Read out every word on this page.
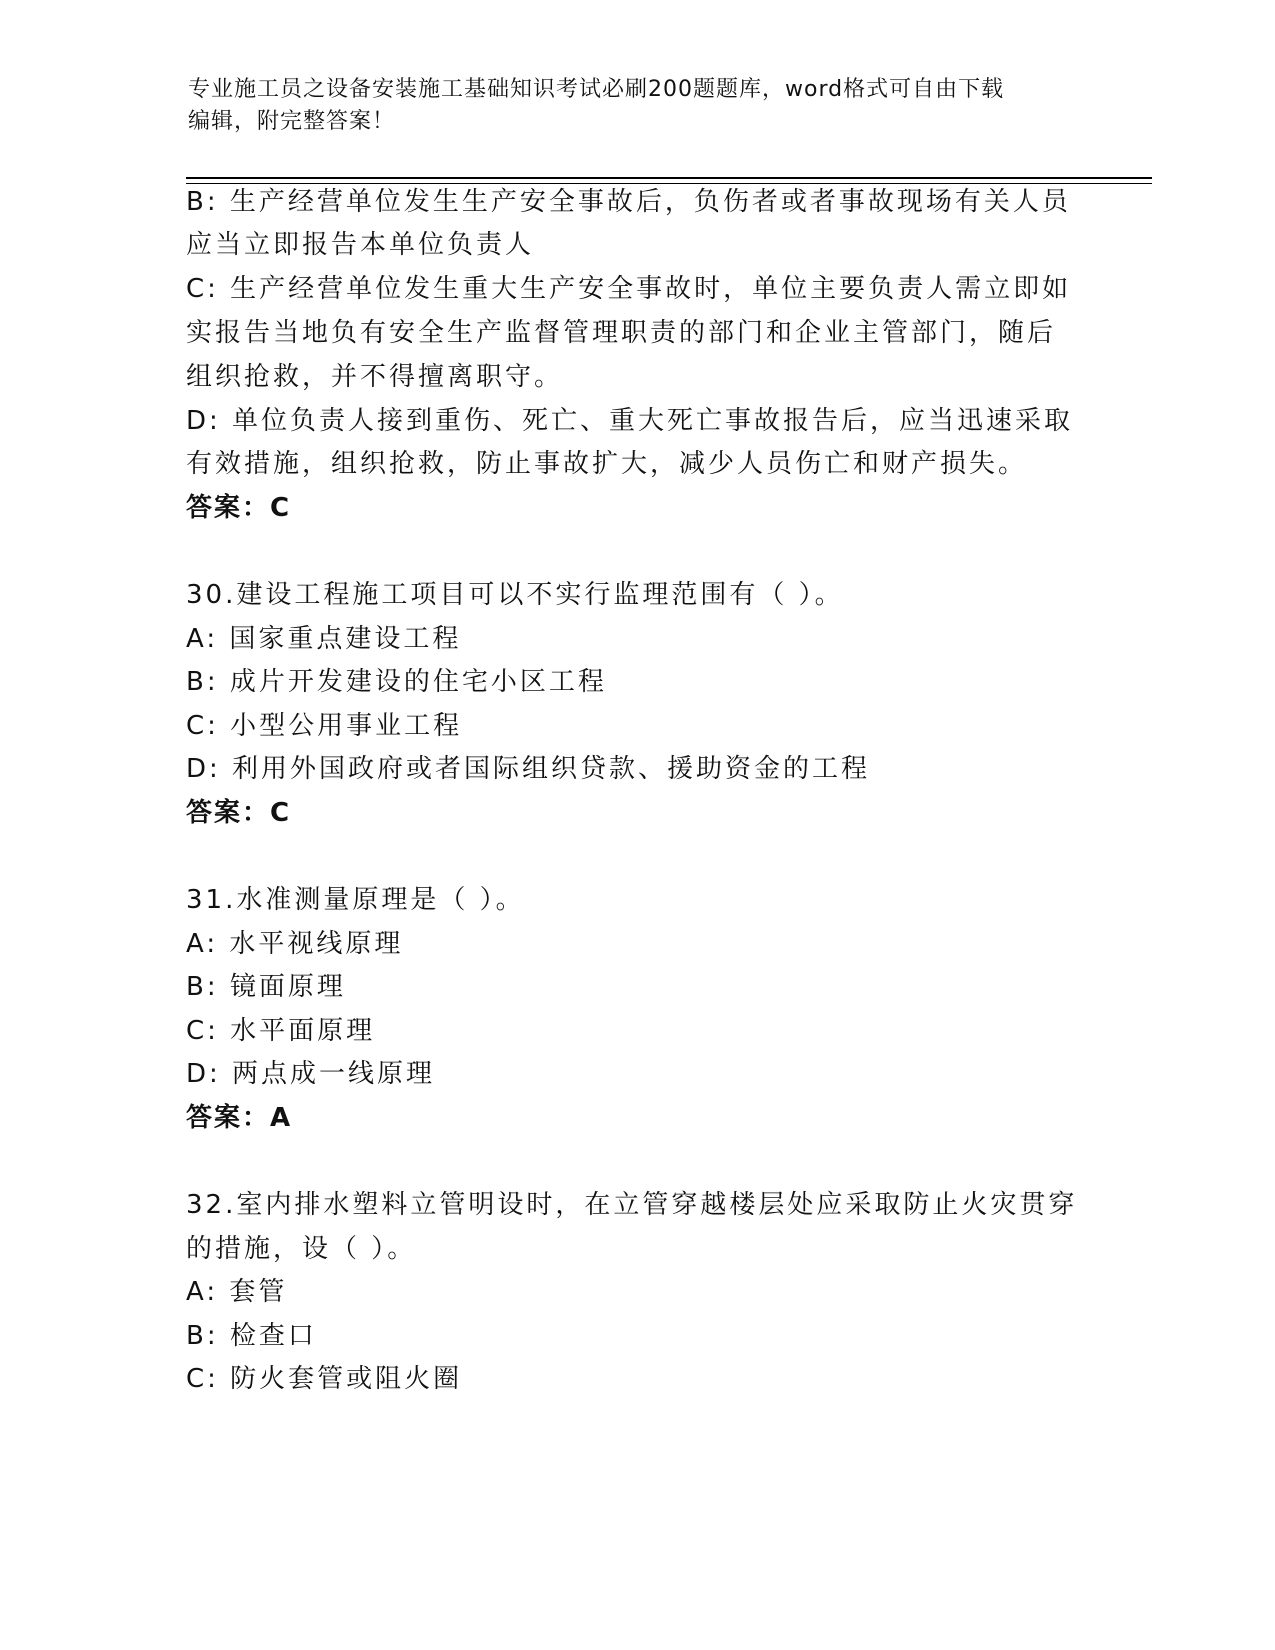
专业施工员之设备安装施工基础知识考试必刷200题题库，word格式可自由下载
编辑，附完整答案！
B: 生产经营单位发生生产安全事故后，负伤者或者事故现场有关人员
应当立即报告本单位负责人
C: 生产经营单位发生重大生产安全事故时，单位主要负责人需立即如
实报告当地负有安全生产监督管理职责的部门和企业主管部门，随后
组织抢救，并不得擅离职守。
D: 单位负责人接到重伤、死亡、重大死亡事故报告后，应当迅速采取
有效措施，组织抢救，防止事故扩大，减少人员伤亡和财产损失。
答案：C
30.建设工程施工项目可以不实行监理范围有（ ）。
A: 国家重点建设工程
B: 成片开发建设的住宅小区工程
C: 小型公用事业工程
D: 利用外国政府或者国际组织贷款、援助资金的工程
答案：C
31.水准测量原理是（ ）。
A: 水平视线原理
B: 镜面原理
C: 水平面原理
D: 两点成一线原理
答案：A
32.室内排水塑料立管明设时，在立管穿越楼层处应采取防止火灾贯穿
的措施，设（ ）。
A: 套管
B: 检查口
C: 防火套管或阻火圈
